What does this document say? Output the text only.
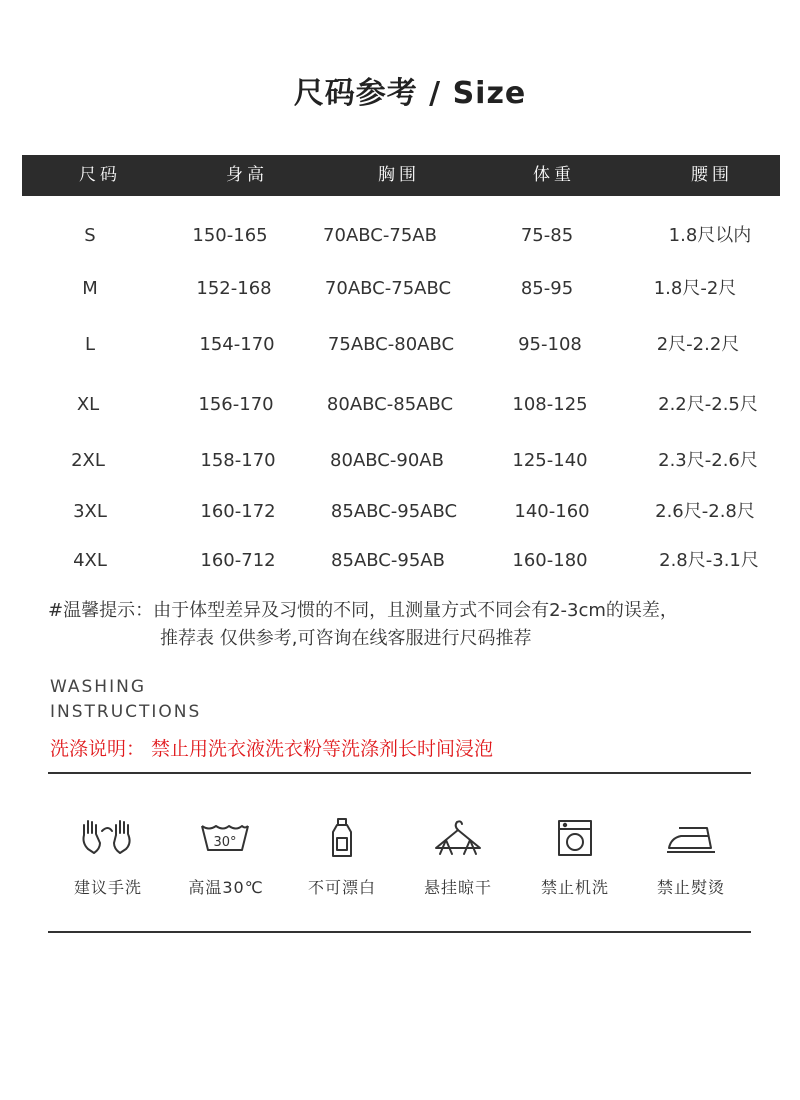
尺码参考 / Size
尺码	身高	胸围	体重	腰围
S	150-165	70ABC-75AB	75-85	1.8尺以内
M	152-168	70ABC-75ABC	85-95	1.8尺-2尺
L	154-170	75ABC-80ABC	95-108	2尺-2.2尺
XL	156-170	80ABC-85ABC	108-125	2.2尺-2.5尺
2XL	158-170	80ABC-90AB	125-140	2.3尺-2.6尺
3XL	160-172	85ABC-95ABC	140-160	2.6尺-2.8尺
4XL	160-712	85ABC-95AB	160-180	2.8尺-3.1尺
#温馨提示：由于体型差异及习惯的不同，且测量方式不同会有2-3cm的误差，
推荐表 仅供参考,可咨询在线客服进行尺码推荐
WASHING
INSTRUCTIONS
洗涤说明： 禁止用洗衣液洗衣粉等洗涤剂长时间浸泡
30°
建议手洗	高温30℃	不可漂白	悬挂晾干	禁止机洗	禁止熨烫
